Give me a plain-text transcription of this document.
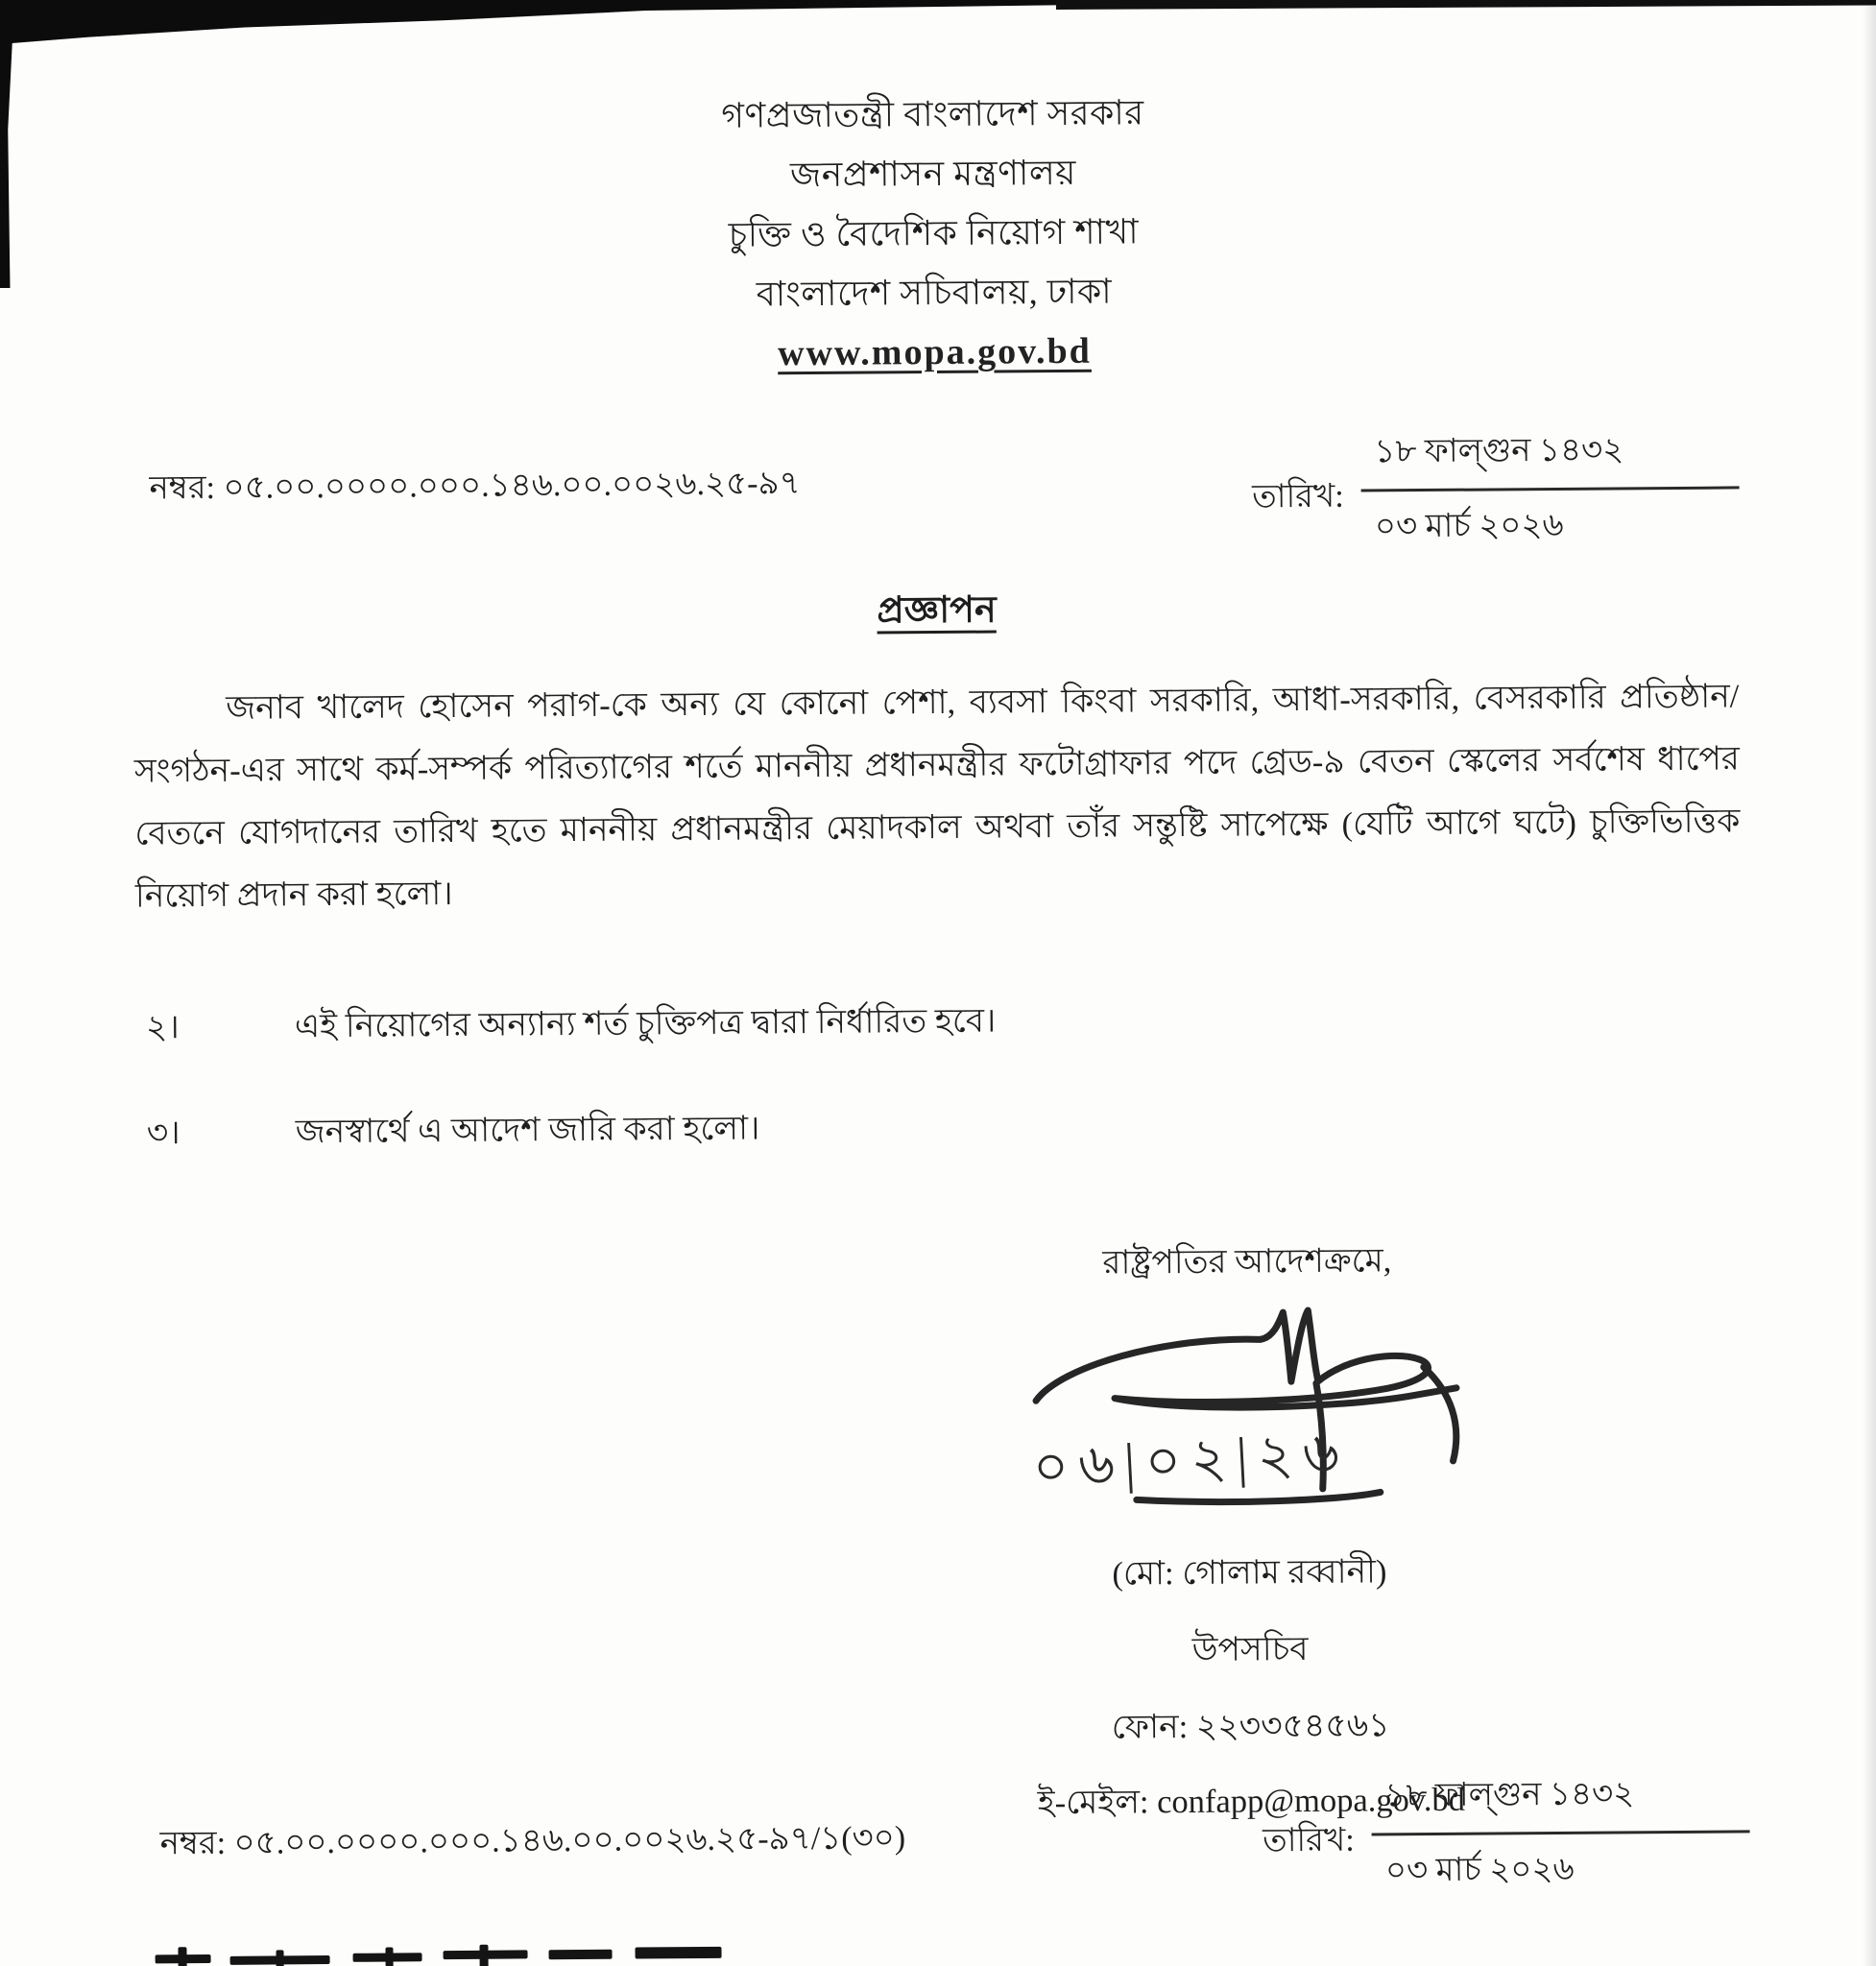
গণপ্রজাতন্ত্রী বাংলাদেশ সরকার
জনপ্রশাসন মন্ত্রণালয়
চুক্তি ও বৈদেশিক নিয়োগ শাখা
বাংলাদেশ সচিবালয়, ঢাকা
www.mopa.gov.bd
নম্বর: ০৫.০০.০০০০.০০০.১৪৬.০০.০০২৬.২৫-৯৭	তারিখ:
১৮ ফাল্গুন ১৪৩২
০৩ মার্চ ২০২৬
প্রজ্ঞাপন
জনাব খালেদ হোসেন পরাগ-কে অন্য যে কোনো পেশা, ব্যবসা কিংবা সরকারি, আধা-সরকারি, বেসরকারি প্রতিষ্ঠান/সংগঠন-এর সাথে কর্ম-সম্পর্ক পরিত্যাগের শর্তে মাননীয় প্রধানমন্ত্রীর ফটোগ্রাফার পদে গ্রেড-৯ বেতন স্কেলের সর্বশেষ ধাপের বেতনে যোগদানের তারিখ হতে মাননীয় প্রধানমন্ত্রীর মেয়াদকাল অথবা তাঁর সন্তুষ্টি সাপেক্ষে (যেটি আগে ঘটে) চুক্তিভিত্তিক নিয়োগ প্রদান করা হলো।
২।	এই নিয়োগের অন্যান্য শর্ত চুক্তিপত্র দ্বারা নির্ধারিত হবে।
৩।	জনস্বার্থে এ আদেশ জারি করা হলো।
রাষ্ট্রপতির আদেশক্রমে,
০৬|০২|২৬
(মো: গোলাম রব্বানী)
উপসচিব
ফোন: ২২৩৩৫৪৫৬১
ই-মেইল: confapp@mopa.gov.bd
নম্বর: ০৫.০০.০০০০.০০০.১৪৬.০০.০০২৬.২৫-৯৭/১(৩০)	তারিখ:
১৮ ফাল্গুন ১৪৩২
০৩ মার্চ ২০২৬
